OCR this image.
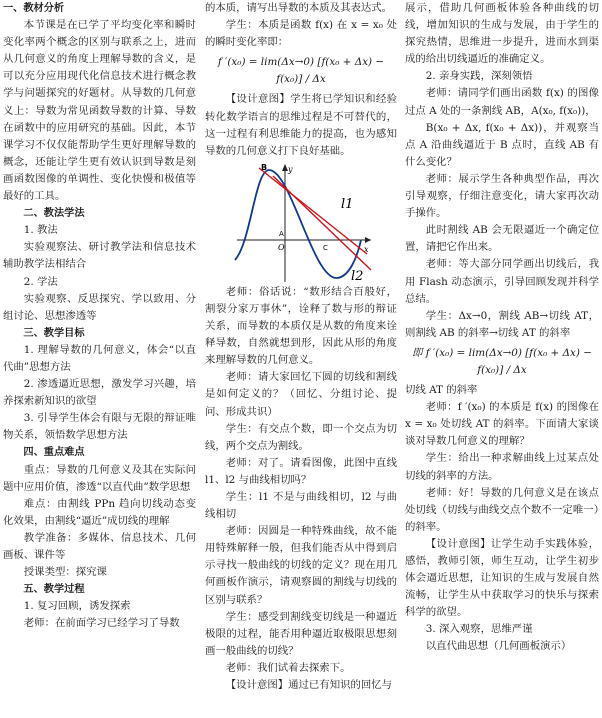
一、教材分析

本节课是在已学了平均变化率和瞬时变化率两个概念的区别与联系之上，进而从几何意义的角度上理解导数的含义，是可以充分应用现代化信息技术进行概念教学与问题探究的好题材。从导数的几何意义上：导数为常见函数导数的计算、导数在函数中的应用研究的基础。因此，本节课学习不仅仅能帮助学生更好理解导数的概念，还能让学生更有效认识到导数是刻画函数图像的单调性、变化快慢和极值等最好的工具。

二、教法学法

1. 教法

实验观察法、研讨教学法和信息技术辅助教学法相结合

2. 学法

实验观察、反思探究、学以致用、分组讨论、思想渗透等

三、教学目标

1. 理解导数的几何意义，体会“以直代曲”思想方法

2. 渗透逼近思想，激发学习兴趣，培养探索新知识的欲望

3. 引导学生体会有限与无限的辩证唯物关系，领悟数学思想方法

四、重点难点

重点：导数的几何意义及其在实际问题中应用价值，渗透“以直代曲”数学思想

难点：由割线 PPn 趋向切线动态变化效果，由割线“逼近”成切线的理解

教学准备：多媒体、信息技术、几何画板、课件等

授课类型：探究课

五、教学过程

1. 复习回顾，诱发探索

老师：在前面学习已经学习了导数

的本质，请写出导数的本质及其表达式。

学生：本质是函数 f(x) 在 x = x₀ 处的瞬时变化率即：

f ′(x₀) = lim(Δx→0) [f(x₀ + Δx) − f(x₀)] / Δx

【设计意图】学生将已学知识和经验转化数学语言的思维过程是不可替代的，这一过程有利思维能力的提高，也为感知导数的几何意义打下良好基础。

B	y
l1
A
O	C	x
l2

老师：俗话说：“数形结合百般好，割裂分家万事休”，诠释了数与形的辩证关系，而导数的本质仅是从数的角度来诠释导数，自然就想到形，因此从形的角度来理解导数的几何意义。

老师：请大家回忆下圆的切线和割线是如何定义的？（回忆、分组讨论、提问、形成共识）

学生：有交点个数，即一个交点为切线，两个交点为割线。

老师：对了。请看图像，此图中直线 l1、l2 与曲线相切吗？

学生：l1 不是与曲线相切，l2 与曲线相切

老师：因圆是一种特殊曲线，故不能用特殊解释一般，但我们能否从中得到启示寻找一般曲线的切线的定义？现在用几何画板作演示，请观察圆的割线与切线的区别与联系？

学生：感受到割线变切线是一种逼近极限的过程，能否用种逼近取极限思想刻画一般曲线的切线？

老师：我们试着去探索下。

【设计意图】通过已有知识的回忆与

展示，借助几何画板体验各种曲线的切线，增加知识的生成与发展，由于学生的探究热情，思维进一步提升，进而水到渠成的给出切线逼近的准确定义。

2. 亲身实践，深刻领悟

老师：请同学们画出函数 f(x) 的图像过点 A 处的一条割线 AB，A(x₀, f(x₀))，

B(x₀ + Δx, f(x₀ + Δx))，并观察当点 A 沿曲线逼近于 B 点时，直线 AB 有什么变化？

老师：展示学生各种典型作品，再次引导观察，仔细注意变化，请大家再次动手操作。

此时割线 AB 会无限逼近一个确定位置，请把它作出来。

老师：等大部分同学画出切线后，我用 Flash 动态演示，引导回顾发现并科学总结。

学生：Δx→0，割线 AB→切线 AT，则割线 AB 的斜率→切线 AT 的斜率

即 f ′(x₀) = lim(Δx→0) [f(x₀ + Δx) − f(x₀)] / Δx

切线 AT 的斜率

老师：f ′(x₀) 的本质是 f(x) 的图像在 x = x₀ 处切线 AT 的斜率。下面请大家谈谈对导数几何意义的理解？

学生：给出一种求解曲线上过某点处切线的斜率的方法。

老师：好！导数的几何意义是在该点处切线（切线与曲线交点个数不一定唯一）的斜率。

【设计意图】让学生动手实践体验，感悟，教师引领，师生互动，让学生初步体会逼近思想，让知识的生成与发展自然流畅，让学生从中获取学习的快乐与探索科学的欲望。

3. 深入观察，思维严谨

以直代曲思想（几何画板演示）
